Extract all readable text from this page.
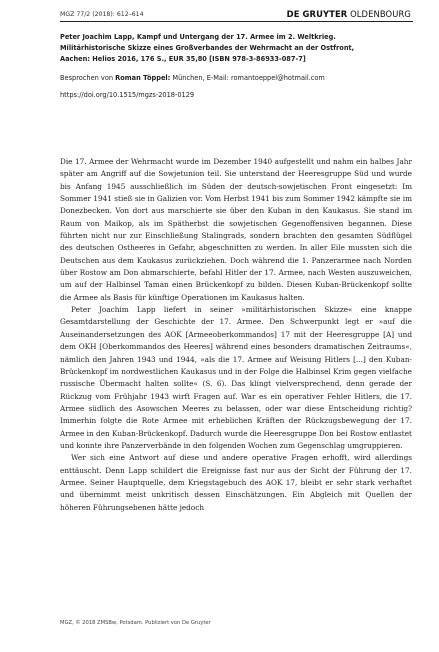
MGZ 77/2 (2018): 612–614	DE GRUYTER OLDENBOURG
Peter Joachim Lapp, Kampf und Untergang der 17. Armee im 2. Weltkrieg.
Militärhistorische Skizze eines Großverbandes der Wehrmacht an der Ostfront,
Aachen: Helios 2016, 176 S., EUR 35,80 [ISBN 978-3-86933-087-7]
Besprochen von Roman Töppel: München, E-Mail: romantoeppel@hotmail.com
https://doi.org/10.1515/mgzs-2018-0129

Die 17. Armee der Wehrmacht wurde im Dezember 1940 aufgestellt und nahm ein halbes Jahr später am Angriff auf die Sowjetunion teil. Sie unterstand der Heeresgruppe Süd und wurde bis Anfang 1945 ausschließlich im Süden der deutsch-sowjetischen Front eingesetzt: Im Sommer 1941 stieß sie in Galizien vor. Vom Herbst 1941 bis zum Sommer 1942 kämpfte sie im Donezbecken. Von dort aus marschierte sie über den Kuban in den Kaukasus. Sie stand im Raum von Maikop, als im Spätherbst die sowjetischen Gegenoffensiven begannen. Diese führten nicht nur zur Einschließung Stalingrads, sondern brachten den gesamten Südflügel des deutschen Ostheeres in Gefahr, abgeschnitten zu werden. In aller Eile mussten sich die Deutschen aus dem Kaukasus zurückziehen. Doch während die 1. Panzerarmee nach Norden über Rostow am Don abmarschierte, befahl Hitler der 17. Armee, nach Westen auszuweichen, um auf der Halbinsel Taman einen Brückenkopf zu bilden. Diesen Kuban-Brückenkopf sollte die Armee als Basis für künftige Operationen im Kaukasus halten.

Peter Joachim Lapp liefert in seiner »militärhistorischen Skizze« eine knappe Gesamtdarstellung der Geschichte der 17. Armee. Den Schwerpunkt legt er »auf die Auseinandersetzungen des AOK [Armeeoberkommandos] 17 mit der Heeresgruppe [A] und dem OKH [Oberkommandos des Heeres] während eines besonders dramatischen Zeitraums«, nämlich den Jahren 1943 und 1944, »als die 17. Armee auf Weisung Hitlers [...] den Kuban-Brückenkopf im nordwestlichen Kaukasus und in der Folge die Halbinsel Krim gegen vielfache russische Übermacht halten sollte« (S. 6). Das klingt vielversprechend, denn gerade der Rückzug vom Frühjahr 1943 wirft Fragen auf. War es ein operativer Fehler Hitlers, die 17. Armee südlich des Asowschen Meeres zu belassen, oder war diese Entscheidung richtig? Immerhin folgte die Rote Armee mit erheblichen Kräften der Rückzugsbewegung der 17. Armee in den Kuban-Brückenkopf. Dadurch wurde die Heeresgruppe Don bei Rostow entlastet und konnte ihre Panzerverbände in den folgenden Wochen zum Gegenschlag umgruppieren.

Wer sich eine Antwort auf diese und andere operative Fragen erhofft, wird allerdings enttäuscht. Denn Lapp schildert die Ereignisse fast nur aus der Sicht der Führung der 17. Armee. Seiner Hauptquelle, dem Kriegstagebuch des AOK 17, bleibt er sehr stark verhaftet und übernimmt meist unkritisch dessen Einschätzungen. Ein Abgleich mit Quellen der höheren Führungsebenen hätte jedoch

MGZ, © 2018 ZMSBw, Potsdam. Publiziert von De Gruyter
